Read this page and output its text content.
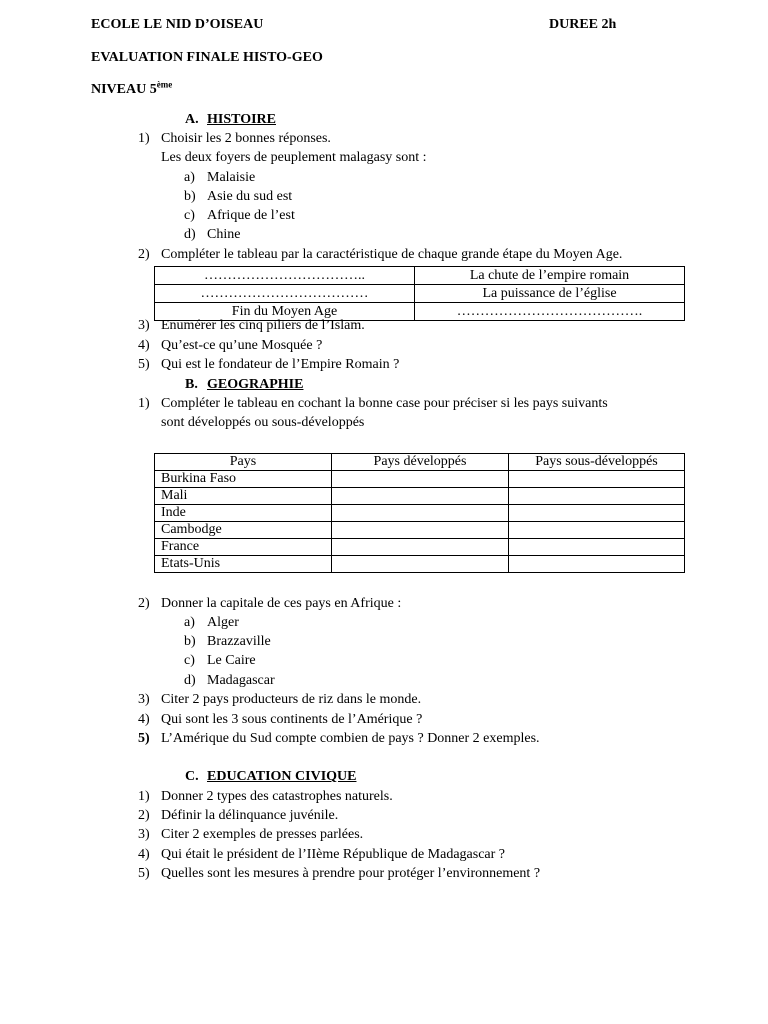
ECOLE LE NID D’OISEAU	DUREE 2h
EVALUATION FINALE HISTO-GEO
NIVEAU 5ème
A. HISTOIRE
1) Choisir les 2 bonnes réponses.
Les deux foyers de peuplement malagasy sont :
a) Malaisie
b) Asie du sud est
c) Afrique de l’est
d) Chine
2) Compléter le tableau par la caractéristique de chaque grande étape du Moyen Age.
……………………………..	La chute de l’empire romain
………………………………	La puissance de l’église
Fin du Moyen Age	………………………………….
3) Enumérer les cinq piliers de l’Islam.
4) Qu’est-ce qu’une Mosquée ?
5) Qui est le fondateur de l’Empire Romain ?
B. GEOGRAPHIE
1) Compléter le tableau en cochant la bonne case pour préciser si les pays suivants
sont développés ou sous-développés
Pays	Pays développés	Pays sous-développés
Burkina Faso		
Mali		
Inde		
Cambodge		
France		
Etats-Unis		
2) Donner la capitale de ces pays en Afrique :
a) Alger
b) Brazzaville
c) Le Caire
d) Madagascar
3) Citer 2 pays producteurs de riz dans le monde.
4) Qui sont les 3 sous continents de l’Amérique ?
5) L’Amérique du Sud compte combien de pays ? Donner 2 exemples.
C. EDUCATION CIVIQUE
1) Donner 2 types des catastrophes naturels.
2) Définir la délinquance juvénile.
3) Citer 2 exemples de presses parlées.
4) Qui était le président de l’IIème République de Madagascar ?
5) Quelles sont les mesures à prendre pour protéger l’environnement ?
